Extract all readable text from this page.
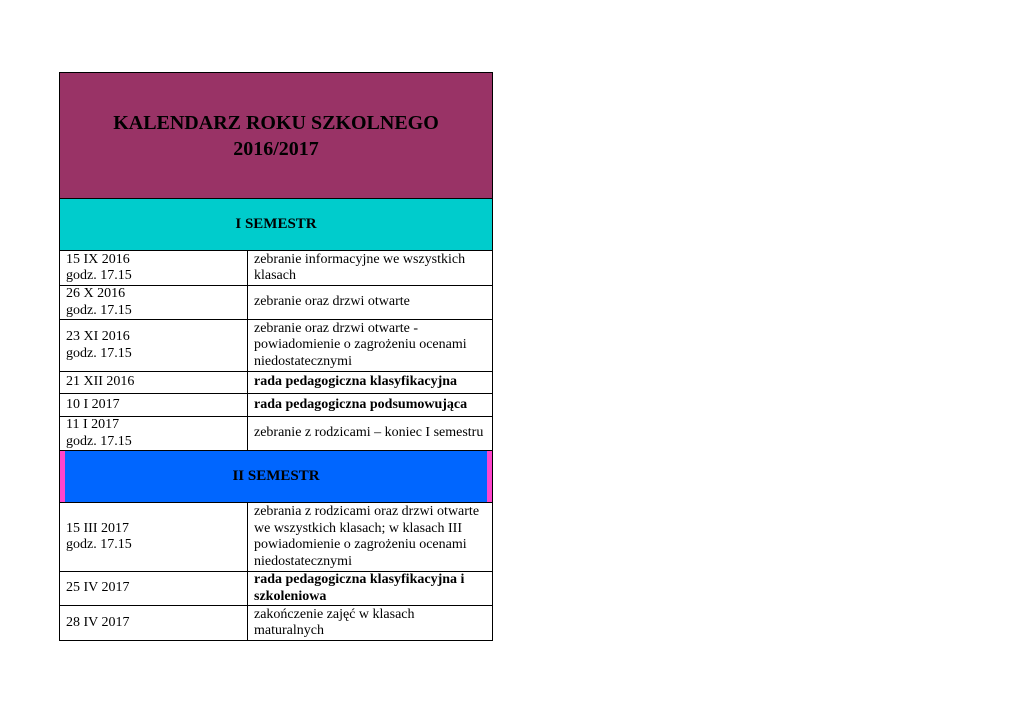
KALENDARZ ROKU SZKOLNEGO
2016/2017
I SEMESTR
15 IX 2016
godz. 17.15
zebranie informacyjne we wszystkich klasach
26 X 2016
godz. 17.15
zebranie oraz drzwi otwarte
23 XI 2016
godz. 17.15
zebranie oraz drzwi otwarte - powiadomienie o zagrożeniu ocenami niedostatecznymi
21 XII 2016	rada pedagogiczna klasyfikacyjna
10 I 2017	rada pedagogiczna podsumowująca
11 I 2017
godz. 17.15
zebranie z rodzicami – koniec I semestru
II SEMESTR
15 III 2017
godz. 17.15
zebrania z rodzicami oraz drzwi otwarte we wszystkich klasach; w klasach III powiadomienie o zagrożeniu ocenami niedostatecznymi
25 IV 2017
rada pedagogiczna klasyfikacyjna i szkoleniowa
28 IV 2017
zakończenie zajęć w klasach maturalnych
